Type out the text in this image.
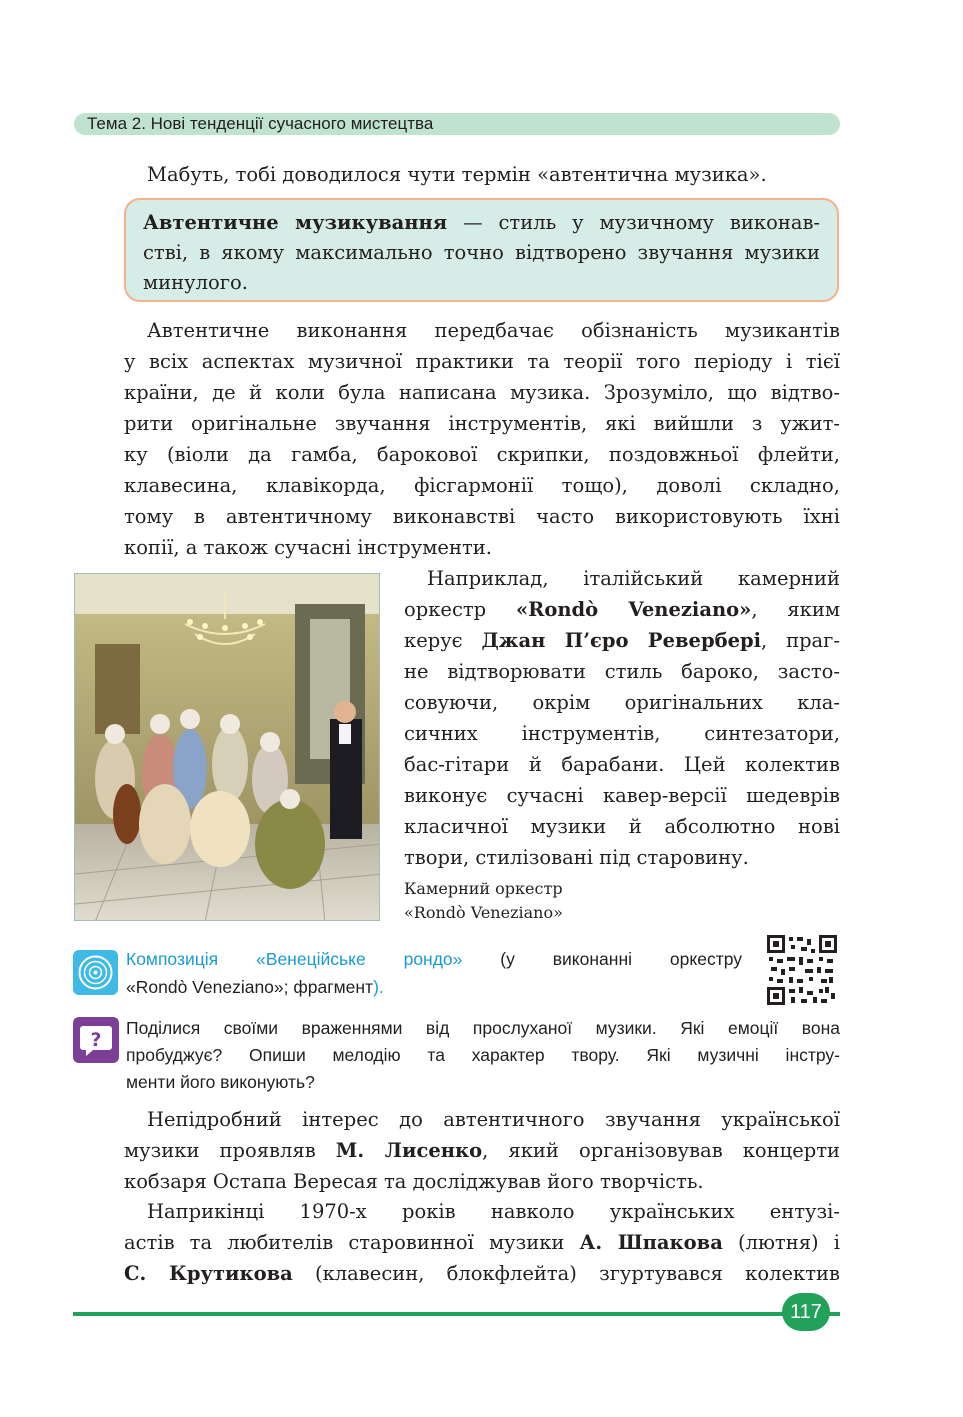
Тема 2. Нові тенденції сучасного мистецтва

Мабуть, тобі доводилося чути термін «автентична музика».

Автентичне музикування — стиль у музичному виконав-
стві, в якому максимально точно відтворено звучання музики
минулого.

Автентичне виконання передбачає обізнаність музикантів
у всіх аспектах музичної практики та теорії того періоду і тієї
країни, де й коли була написана музика. Зрозуміло, що відтво-
рити оригінальне звучання інструментів, які вийшли з ужит-
ку (віоли да гамба, барокової скрипки, поздовжньої флейти,
клавесина, клавікорда, фісгармонії тощо), доволі складно,
тому в автентичному виконавстві часто використовують їхні
копії, а також сучасні інструменти.

Наприклад, італійський камерний
оркестр «Rondò Veneziano», яким
керує Джан П’єро Реверберi, праг-
не відтворювати стиль бароко, засто-
совуючи, окрім оригінальних кла-
сичних інструментів, синтезатори,
бас-гітари й барабани. Цей колектив
виконує сучасні кавер-версії шедеврів
класичної музики й абсолютно нові
твори, стилізовані під старовину.
Камерний оркестр
«Rondò Veneziano»
Композиція «Венеційське рондо» (у виконанні оркестру
«Rondò Veneziano»; фрагмент).
?
Поділися своїми враженнями від прослуханої музики. Які емоції вона
пробуджує? Опиши мелодію та характер твору. Які музичні інстру-
менти його виконують?

Непідробний інтерес до автентичного звучання української
музики проявляв М. Лисенко, який організовував концерти
кобзаря Остапа Вересая та досліджував його творчість.

Наприкінці 1970-х років навколо українських ентузі-
астів та любителів старовинної музики А. Шпакова (лютня) і
С. Крутикова (клавесин, блокфлейта) згуртувався колектив

117
